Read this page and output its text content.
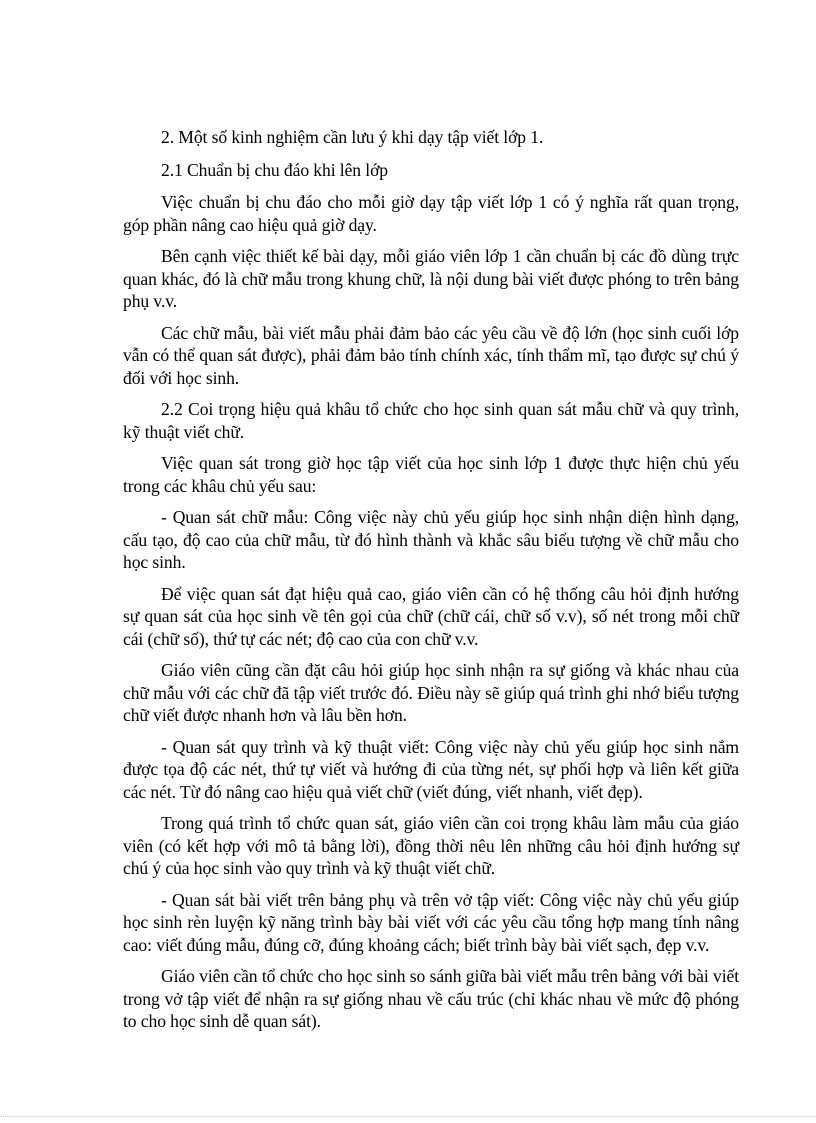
2. Một số kinh nghiệm cần lưu ý khi dạy tập viết lớp 1.

2.1 Chuẩn bị chu đáo khi lên lớp

Việc chuẩn bị chu đáo cho mỗi giờ dạy tập viết lớp 1 có ý nghĩa rất quan trọng, góp phần nâng cao hiệu quả giờ dạy.

Bên cạnh việc thiết kế bài dạy, mỗi giáo viên lớp 1 cần chuẩn bị các đồ dùng trực quan khác, đó là chữ mẫu trong khung chữ, là nội dung bài viết được phóng to trên bảng phụ v.v.

Các chữ mẫu, bài viết mẫu phải đảm bảo các yêu cầu về độ lớn (học sinh cuối lớp vẫn có thể quan sát được), phải đảm bảo tính chính xác, tính thẩm mĩ, tạo được sự chú ý đối với học sinh.

2.2 Coi trọng hiệu quả khâu tổ chức cho học sinh quan sát mẫu chữ và quy trình, kỹ thuật viết chữ.

Việc quan sát trong giờ học tập viết của học sinh lớp 1 được thực hiện chủ yếu trong các khâu chủ yếu sau:

- Quan sát chữ mẫu: Công việc này chủ yếu giúp học sinh nhận diện hình dạng, cấu tạo, độ cao của chữ mẫu, từ đó hình thành và khắc sâu biểu tượng về chữ mẫu cho học sinh.

Để việc quan sát đạt hiệu quả cao, giáo viên cần có hệ thống câu hỏi định hướng sự quan sát của học sinh về tên gọi của chữ (chữ cái, chữ số v.v), số nét trong mỗi chữ cái (chữ số), thứ tự các nét; độ cao của con chữ v.v.

Giáo viên cũng cần đặt câu hỏi giúp học sinh nhận ra sự giống và khác nhau của chữ mẫu với các chữ đã tập viết trước đó. Điều này sẽ giúp quá trình ghi nhớ biểu tượng chữ viết được nhanh hơn và lâu bền hơn.

- Quan sát quy trình và kỹ thuật viết: Công việc này chủ yếu giúp học sinh nắm được tọa độ các nét, thứ tự viết và hướng đi của từng nét, sự phối hợp và liên kết giữa các nét. Từ đó nâng cao hiệu quả viết chữ (viết đúng, viết nhanh, viết đẹp).

Trong quá trình tổ chức quan sát, giáo viên cần coi trọng khâu làm mẫu của giáo viên (có kết hợp với mô tả bằng lời), đồng thời nêu lên những câu hỏi định hướng sự chú ý của học sinh vào quy trình và kỹ thuật viết chữ.

- Quan sát bài viết trên bảng phụ và trên vở tập viết: Công việc này chủ yếu giúp học sinh rèn luyện kỹ năng trình bày bài viết với các yêu cầu tổng hợp mang tính nâng cao: viết đúng mẫu, đúng cỡ, đúng khoảng cách; biết trình bày bài viết sạch, đẹp v.v.

Giáo viên cần tổ chức cho học sinh so sánh giữa bài viết mẫu trên bảng với bài viết trong vở tập viết để nhận ra sự giống nhau về cấu trúc (chỉ khác nhau về mức độ phóng to cho học sinh dễ quan sát).
